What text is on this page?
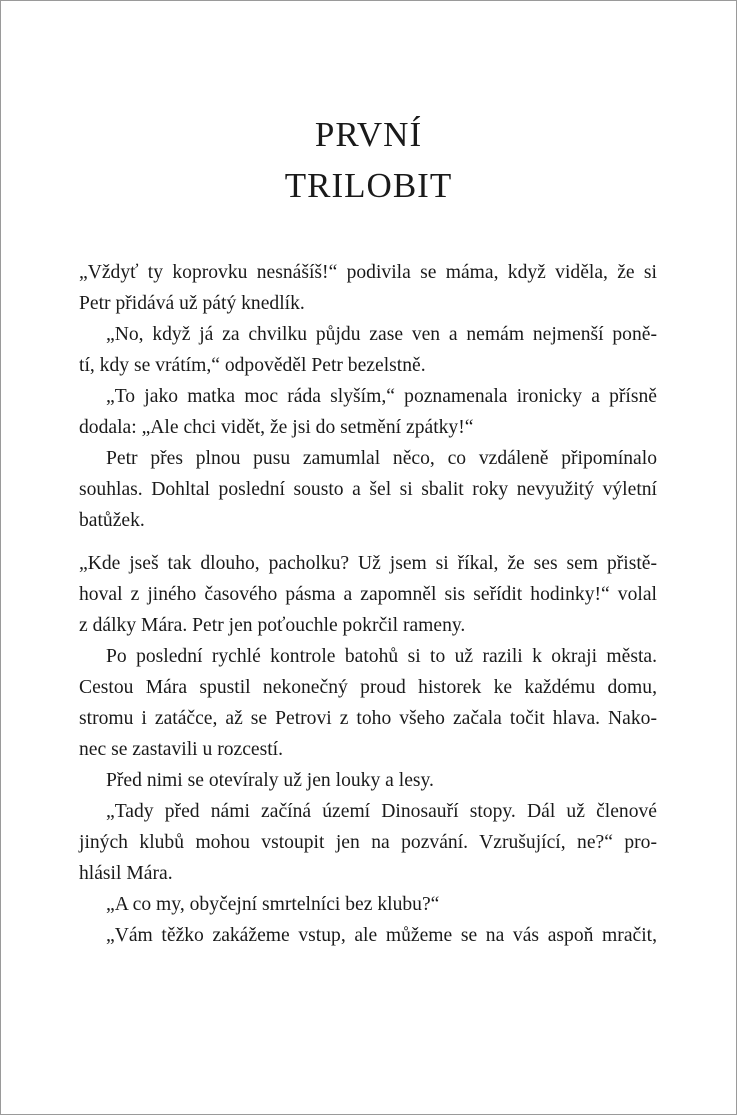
PRVNÍ
TRILOBIT
„Vždyť ty koprovku nesnášíš!“ podivila se máma, když viděla, že si
Petr přidává už pátý knedlík.
„No, když já za chvilku půjdu zase ven a nemám nejmenší poně-
tí, kdy se vrátím,“ odpověděl Petr bezelstně.
„To jako matka moc ráda slyším,“ poznamenala ironicky a přísně
dodala: „Ale chci vidět, že jsi do setmění zpátky!“
Petr přes plnou pusu zamumlal něco, co vzdáleně připomínalo
souhlas. Dohltal poslední sousto a šel si sbalit roky nevyužitý výletní
batůžek.
„Kde jseš tak dlouho, pacholku? Už jsem si říkal, že ses sem přistě-
hoval z jiného časového pásma a zapomněl sis seřídit hodinky!“ volal
z dálky Mára. Petr jen poťouchle pokrčil rameny.
Po poslední rychlé kontrole batohů si to už razili k okraji města.
Cestou Mára spustil nekonečný proud historek ke každému domu,
stromu i zatáčce, až se Petrovi z toho všeho začala točit hlava. Nako-
nec se zastavili u rozcestí.
Před nimi se otevíraly už jen louky a lesy.
„Tady před námi začíná území Dinosauří stopy. Dál už členové
jiných klubů mohou vstoupit jen na pozvání. Vzrušující, ne?“ pro-
hlásil Mára.
„A co my, obyčejní smrtelníci bez klubu?“
„Vám těžko zakážeme vstup, ale můžeme se na vás aspoň mračit,
